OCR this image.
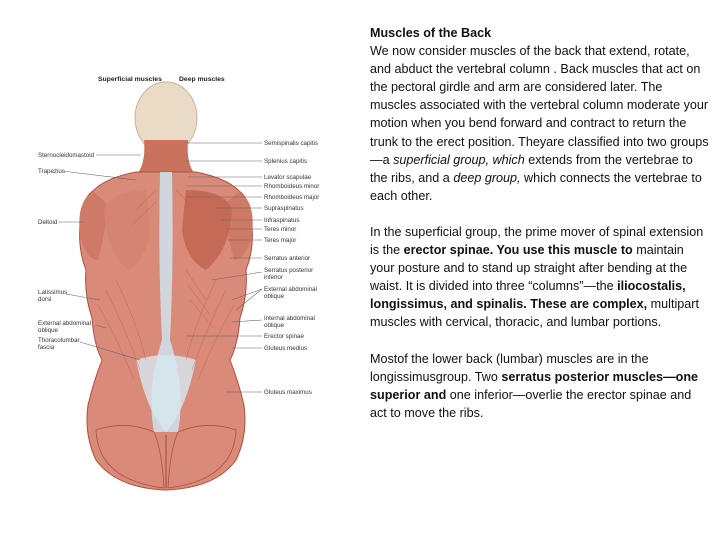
Superficial muscles	Deep muscles
Sternocleidomastoid
Trapezius
Deltoid
Latissimus
dorsi
External abdominal
oblique
Thoracolumbar
fascia
Semispinalis capitis
Splenius capitis
Levator scapulae
Rhomboideus minor
Rhomboideus major
Supraspinatus
Infraspinatus
Teres minor
Teres major
Serratus anterior
Serratus posterior
inferior
External abdominal
oblique
Internal abdominal
oblique
Erector spinae
Gluteus medius
Gluteus maximus

Muscles of the Back

We now consider muscles of the back that extend, rotate, and abduct the vertebral column . Back muscles that act on the pectoral girdle and arm are considered later. The muscles associated with the vertebral column moderate your motion when you bend forward and contract to return the trunk to the erect position. Theyare classified into two groups—a superficial group, which extends from the vertebrae to the ribs, and a deep group, which connects the vertebrae to each other.

In the superficial group, the prime mover of spinal extension is the erector spinae. You use this muscle to maintain your posture and to stand up straight after bending at the waist. It is divided into three “columns”—the iliocostalis, longissimus, and spinalis. These are complex, multipart muscles with cervical, thoracic, and lumbar portions.

Mostof the lower back (lumbar) muscles are in the longissimusgroup. Two serratus posterior muscles—one superior and one inferior—overlie the erector spinae and act to move the ribs.
